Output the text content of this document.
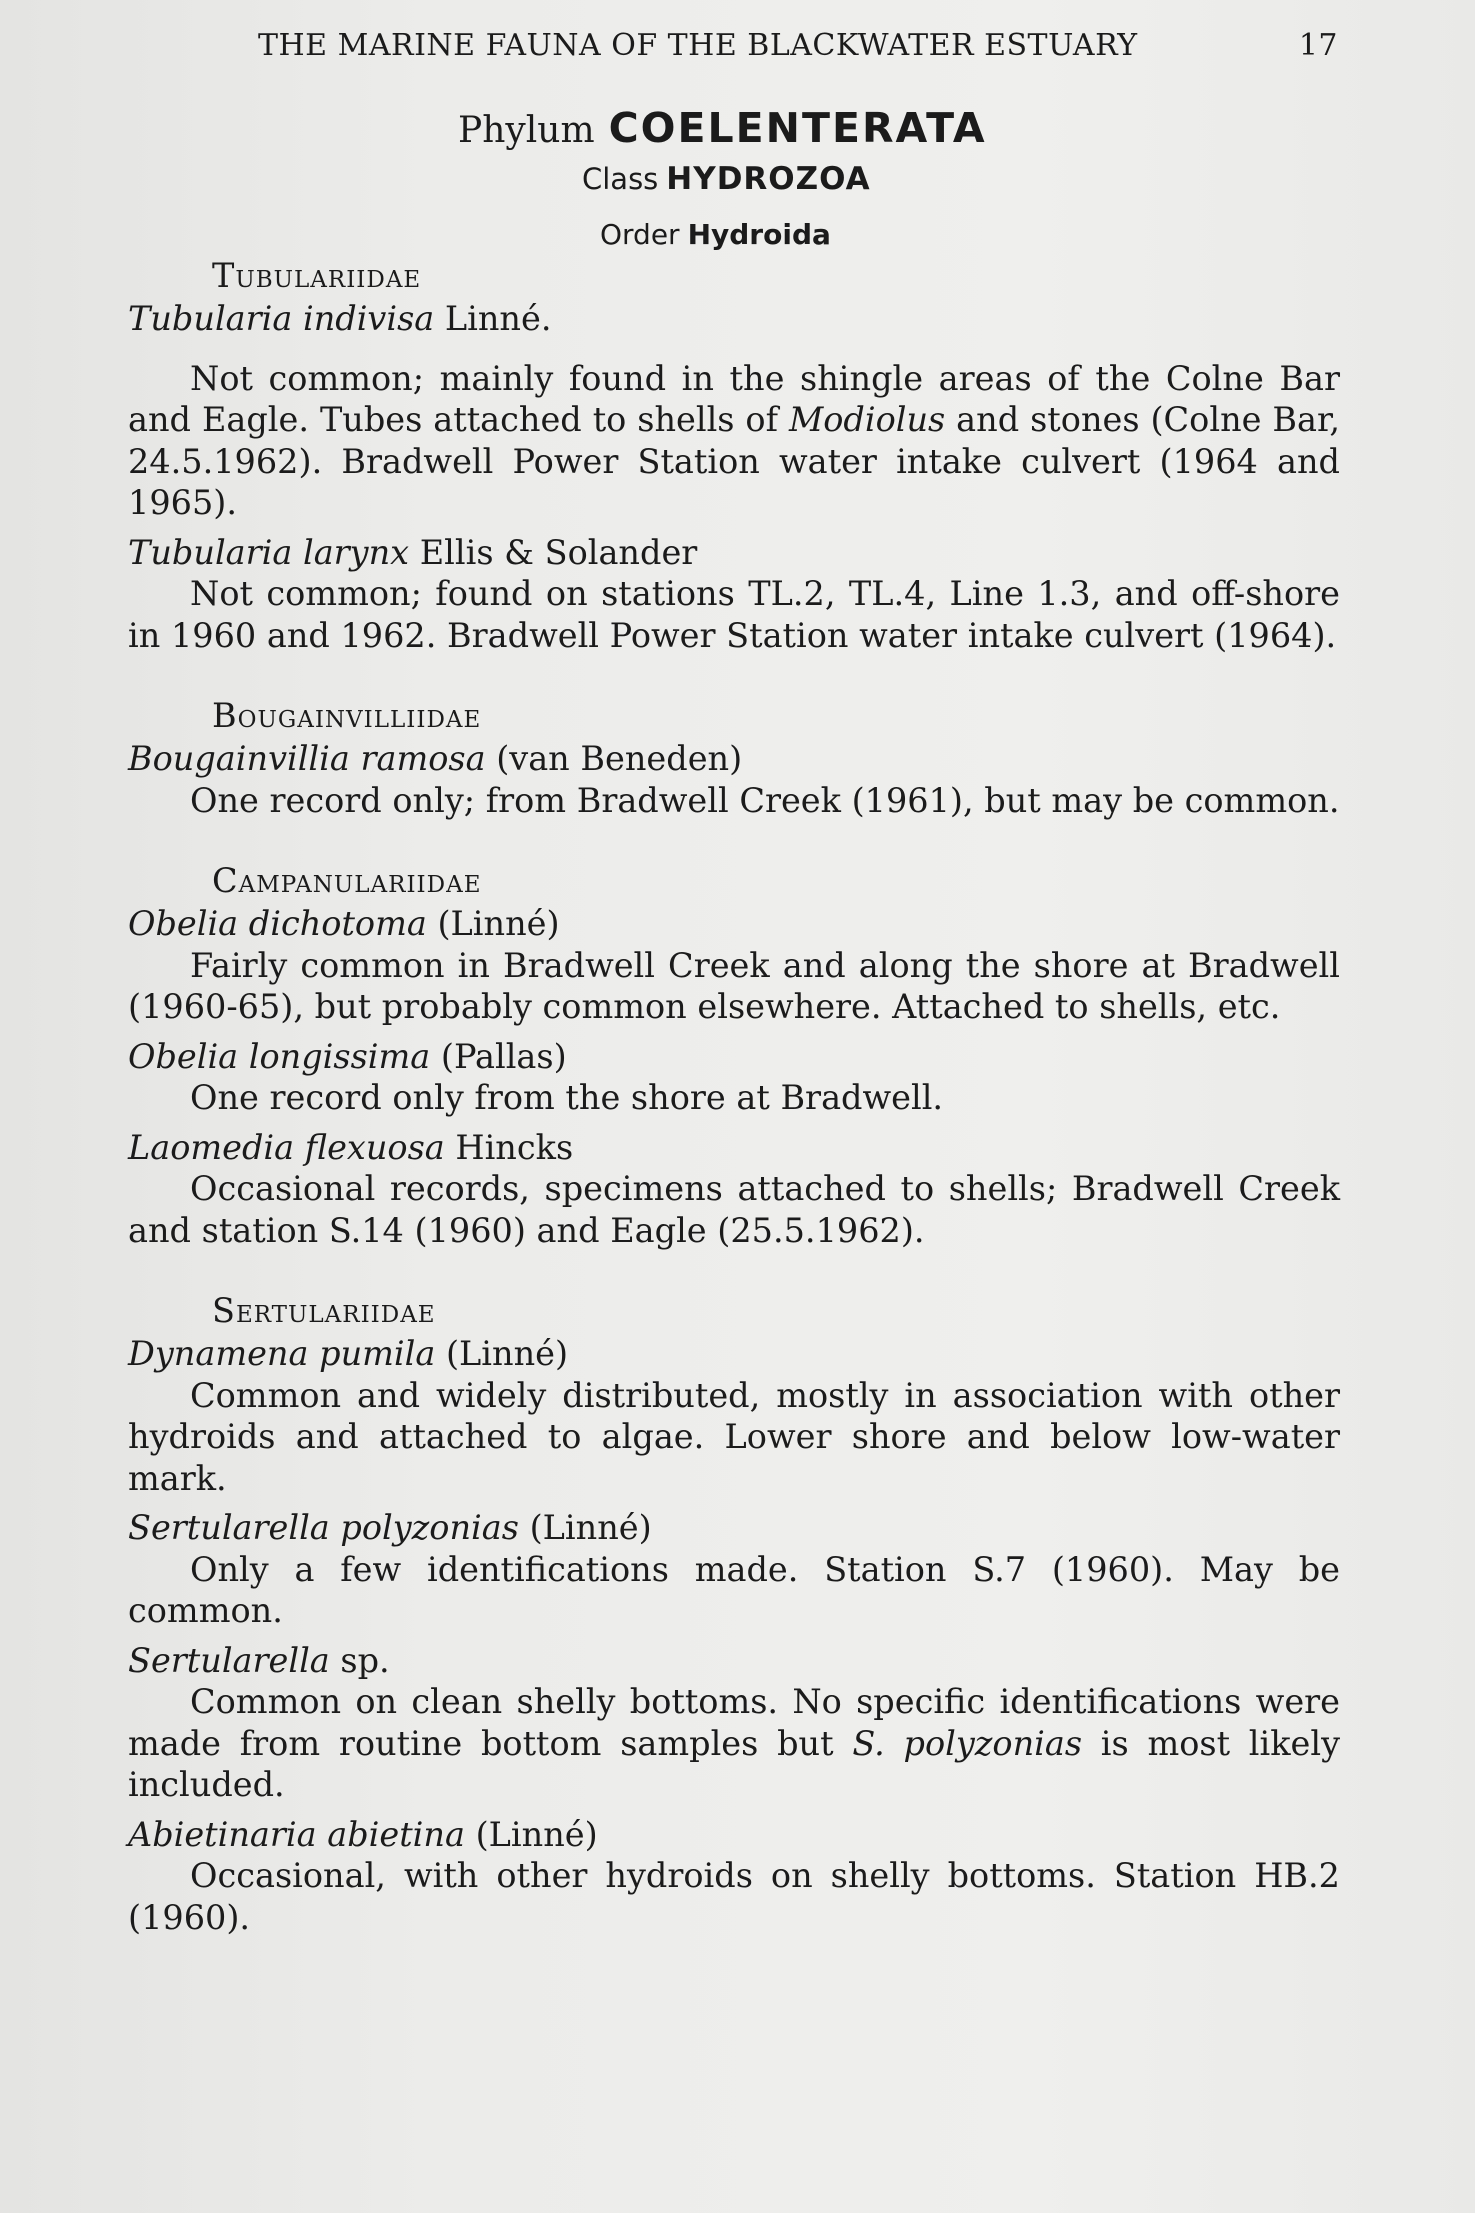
THE MARINE FAUNA OF THE BLACKWATER ESTUARY	17
Phylum COELENTERATA
Class HYDROZOA
Order Hydroida
Tubulariidae
Tubularia indivisa Linné.
Not common; mainly found in the shingle areas of the Colne Bar and Eagle. Tubes attached to shells of Modiolus and stones (Colne Bar, 24.5.1962). Bradwell Power Station water intake culvert (1964 and 1965).
Tubularia larynx Ellis & Solander
Not common; found on stations TL.2, TL.4, Line 1.3, and off-shore in 1960 and 1962. Bradwell Power Station water intake culvert (1964).
Bougainvilliidae
Bougainvillia ramosa (van Beneden)
One record only; from Bradwell Creek (1961), but may be common.
Campanulariidae
Obelia dichotoma (Linné)
Fairly common in Bradwell Creek and along the shore at Bradwell (1960-65), but probably common elsewhere. Attached to shells, etc.
Obelia longissima (Pallas)
One record only from the shore at Bradwell.
Laomedia flexuosa Hincks
Occasional records, specimens attached to shells; Bradwell Creek and station S.14 (1960) and Eagle (25.5.1962).
Sertulariidae
Dynamena pumila (Linné)
Common and widely distributed, mostly in association with other hydroids and attached to algae. Lower shore and below low-water mark.
Sertularella polyzonias (Linné)
Only a few identifications made. Station S.7 (1960). May be common.
Sertularella sp.
Common on clean shelly bottoms. No specific identifications were made from routine bottom samples but S. polyzonias is most likely included.
Abietinaria abietina (Linné)
Occasional, with other hydroids on shelly bottoms. Station HB.2 (1960).
